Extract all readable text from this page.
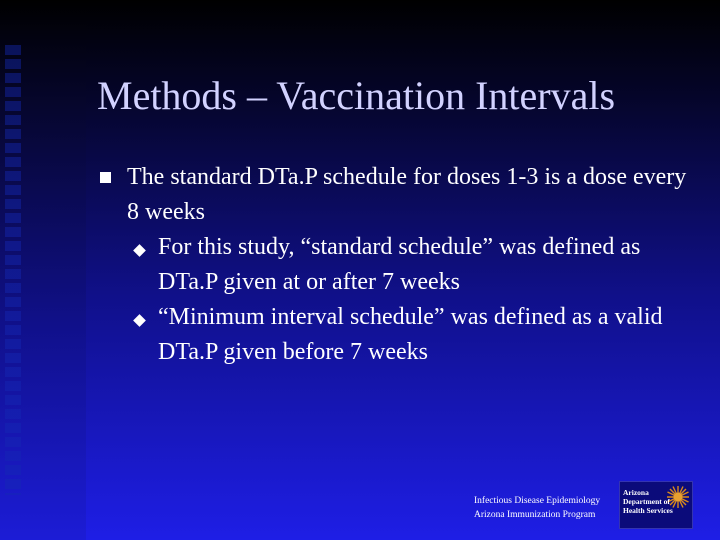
Methods – Vaccination Intervals
The standard DTa.P schedule for doses 1-3 is a dose every 8 weeks
For this study, “standard schedule” was defined as DTa.P given at or after 7 weeks
“Minimum interval schedule” was defined as a valid DTa.P given before 7 weeks
Infectious Disease Epidemiology
Arizona Immunization Program
Arizona
Department of
Health Services
